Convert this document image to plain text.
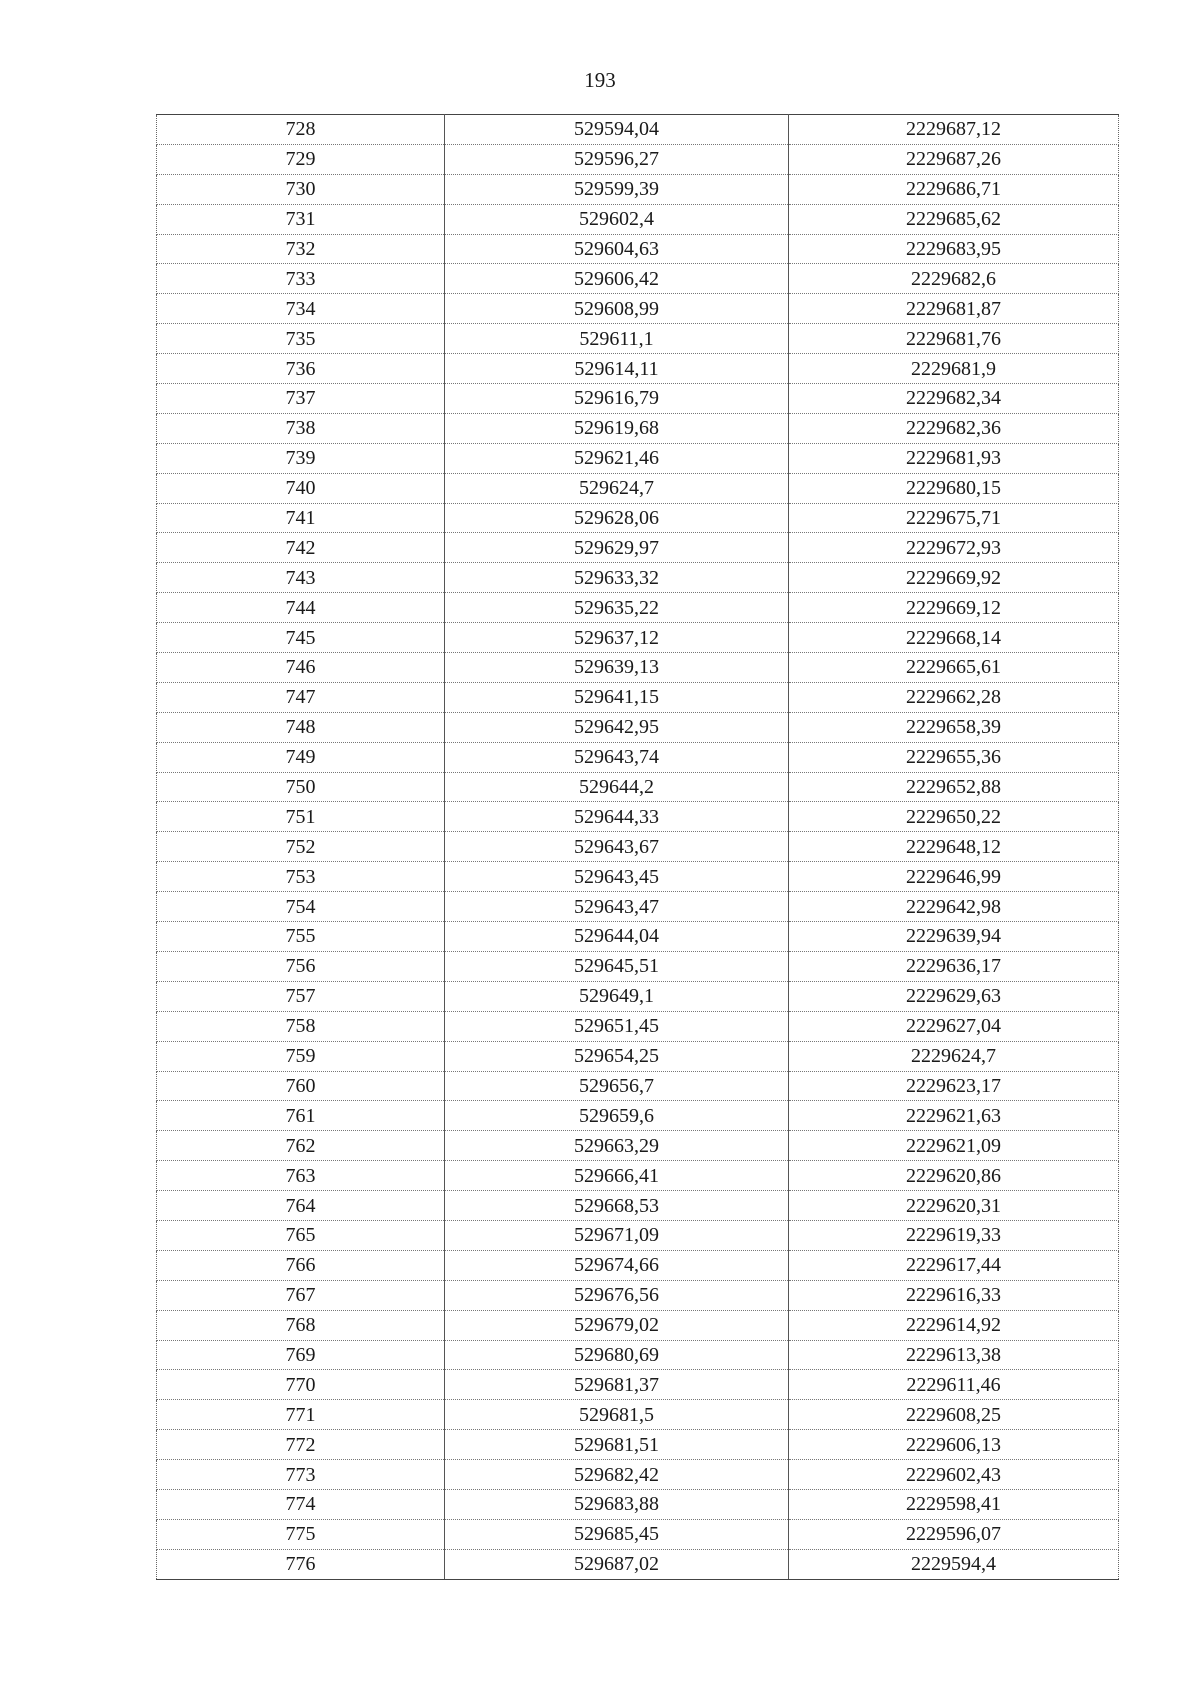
193
728	529594,04	2229687,12
729	529596,27	2229687,26
730	529599,39	2229686,71
731	529602,4	2229685,62
732	529604,63	2229683,95
733	529606,42	2229682,6
734	529608,99	2229681,87
735	529611,1	2229681,76
736	529614,11	2229681,9
737	529616,79	2229682,34
738	529619,68	2229682,36
739	529621,46	2229681,93
740	529624,7	2229680,15
741	529628,06	2229675,71
742	529629,97	2229672,93
743	529633,32	2229669,92
744	529635,22	2229669,12
745	529637,12	2229668,14
746	529639,13	2229665,61
747	529641,15	2229662,28
748	529642,95	2229658,39
749	529643,74	2229655,36
750	529644,2	2229652,88
751	529644,33	2229650,22
752	529643,67	2229648,12
753	529643,45	2229646,99
754	529643,47	2229642,98
755	529644,04	2229639,94
756	529645,51	2229636,17
757	529649,1	2229629,63
758	529651,45	2229627,04
759	529654,25	2229624,7
760	529656,7	2229623,17
761	529659,6	2229621,63
762	529663,29	2229621,09
763	529666,41	2229620,86
764	529668,53	2229620,31
765	529671,09	2229619,33
766	529674,66	2229617,44
767	529676,56	2229616,33
768	529679,02	2229614,92
769	529680,69	2229613,38
770	529681,37	2229611,46
771	529681,5	2229608,25
772	529681,51	2229606,13
773	529682,42	2229602,43
774	529683,88	2229598,41
775	529685,45	2229596,07
776	529687,02	2229594,4
